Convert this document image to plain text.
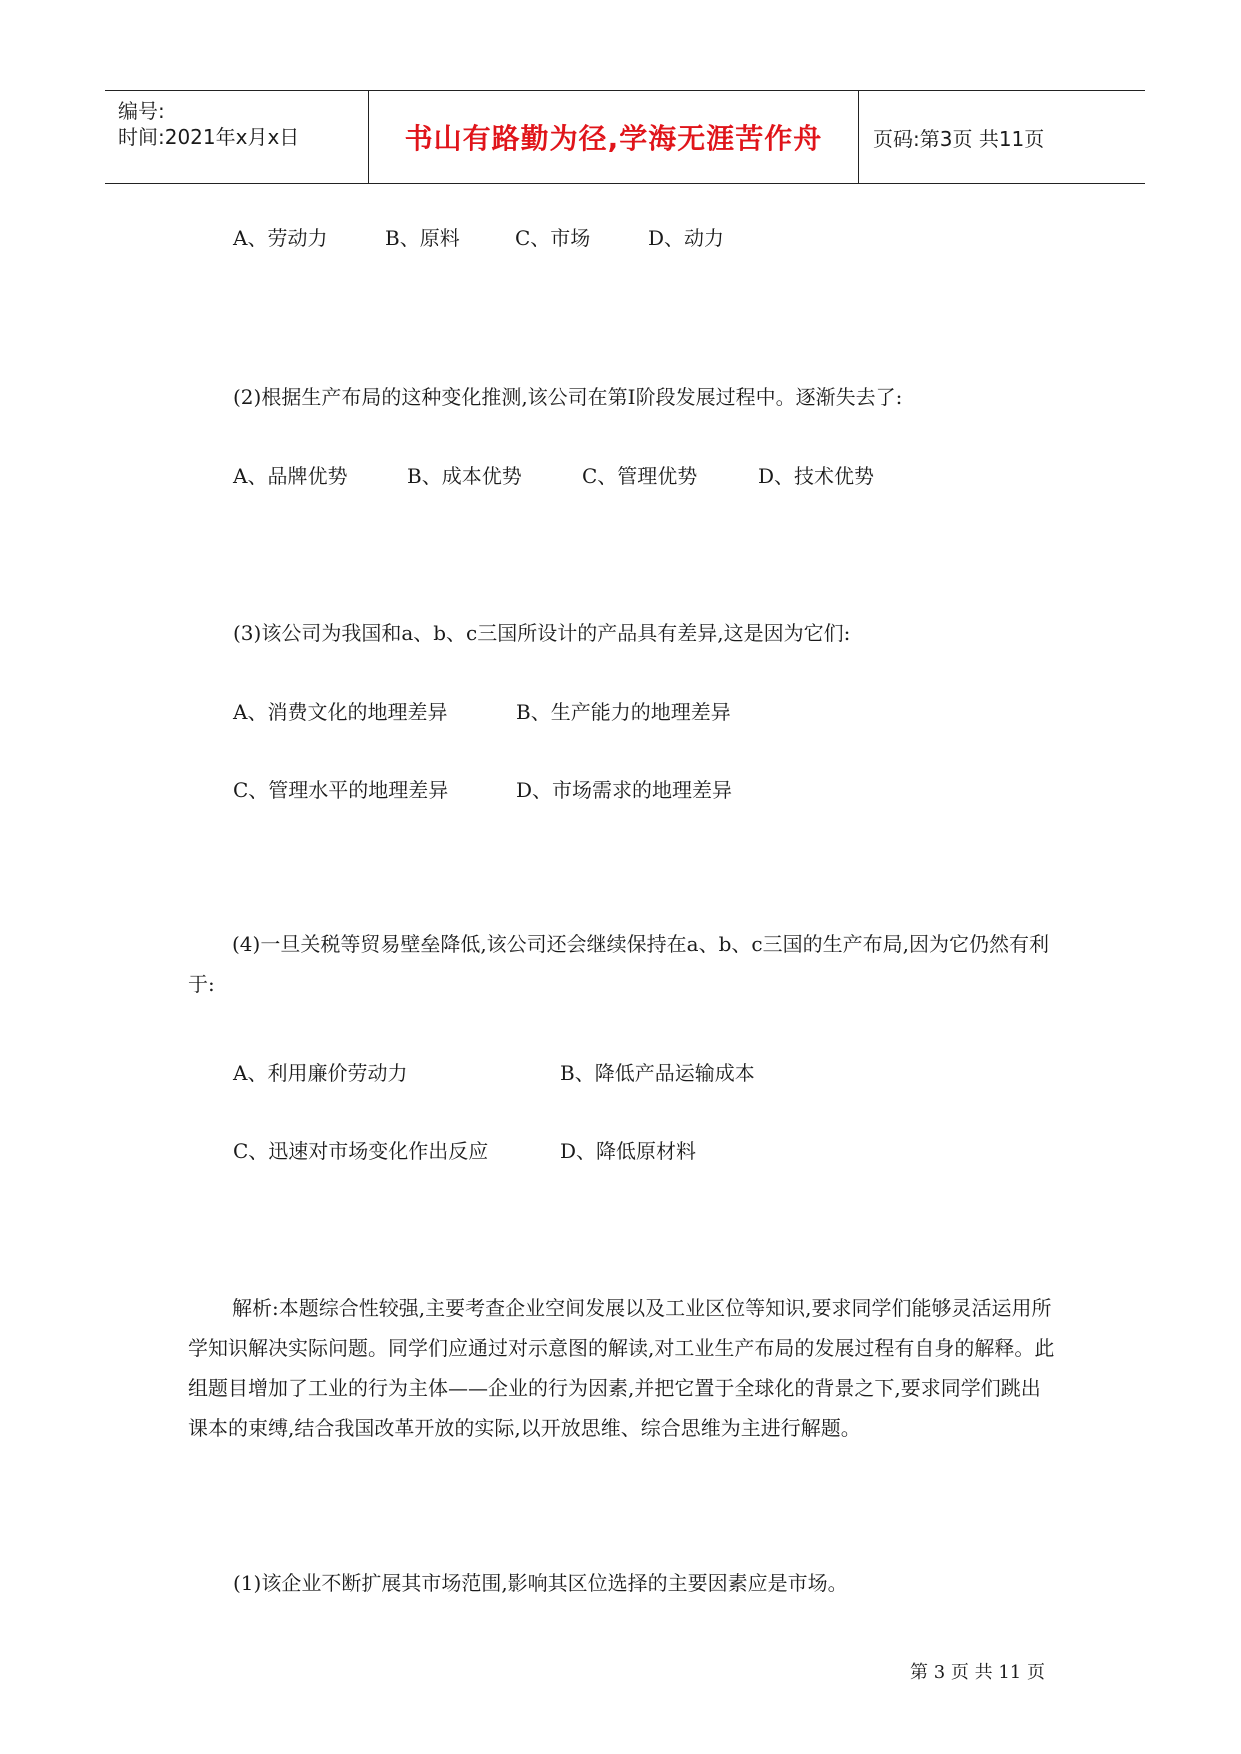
编号:
时间:2021年x月x日	书山有路勤为径,学海无涯苦作舟	页码:第3页 共11页
A、劳动力	B、原料	C、市场	D、动力
(2)根据生产布局的这种变化推测,该公司在第Ⅰ阶段发展过程中。逐渐失去了:
A、品牌优势	B、成本优势	C、管理优势	D、技术优势
(3)该公司为我国和a、b、c三国所设计的产品具有差异,这是因为它们:
A、消费文化的地理差异	B、生产能力的地理差异
C、管理水平的地理差异	D、市场需求的地理差异
(4)一旦关税等贸易壁垒降低,该公司还会继续保持在a、b、c三国的生产布局,因为它仍然有利于:
A、利用廉价劳动力	B、降低产品运输成本
C、迅速对市场变化作出反应	D、降低原材料
解析:本题综合性较强,主要考查企业空间发展以及工业区位等知识,要求同学们能够灵活运用所学知识解决实际问题。同学们应通过对示意图的解读,对工业生产布局的发展过程有自身的解释。此组题目增加了工业的行为主体——企业的行为因素,并把它置于全球化的背景之下,要求同学们跳出课本的束缚,结合我国改革开放的实际,以开放思维、综合思维为主进行解题。
(1)该企业不断扩展其市场范围,影响其区位选择的主要因素应是市场。
第 3 页 共 11 页
